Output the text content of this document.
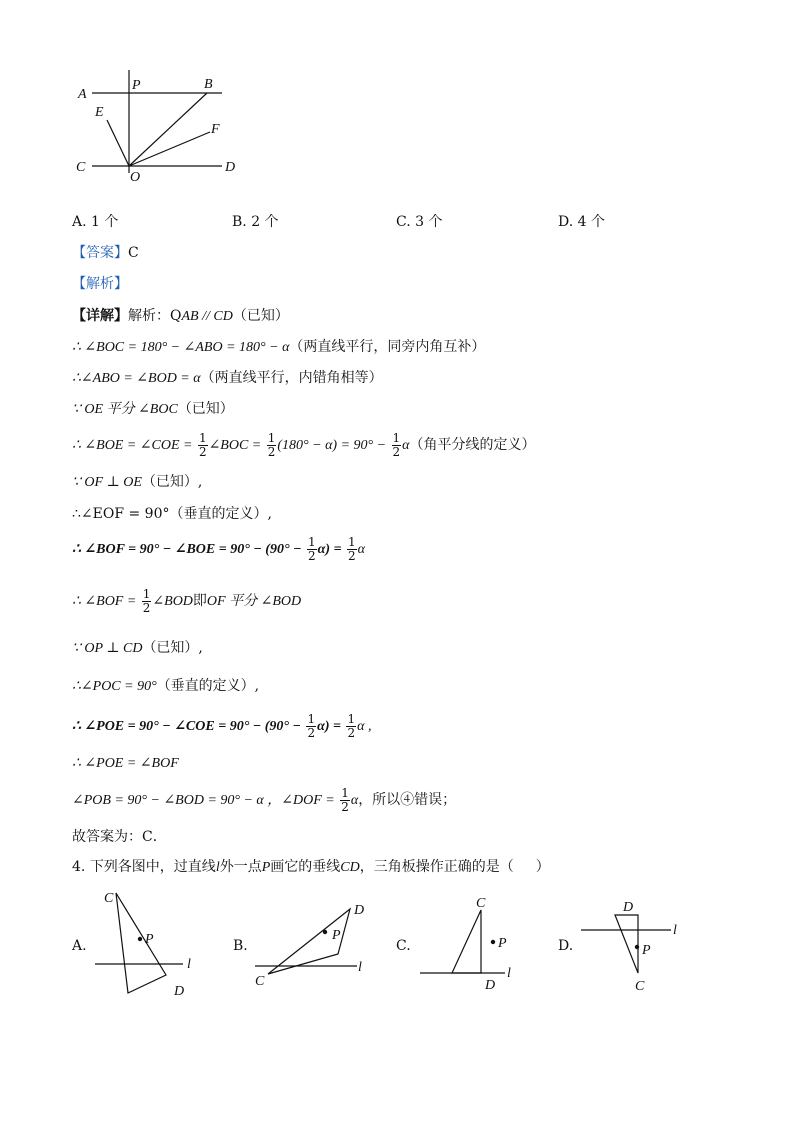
A
P	B
E
F
C
O
D
A. 1 个	B. 2 个	C. 3 个	D. 4 个
【答案】C
【解析】
【详解】解析：QAB // CD（已知）
∴ ∠BOC = 180° − ∠ABO = 180° − α（两直线平行，同旁内角互补）
∴∠ABO = ∠BOD = α（两直线平行，内错角相等）
∵ OE 平分 ∠BOC（已知）
∴ ∠BOE = ∠COE = $\frac{1}{2}$ ∠BOC = $\frac{1}{2} (180^\circ - \alpha) = 90^\circ - \frac{1}{2} \alpha$（角平分线的定义）
∵ OF ⊥ OE（已知）,
∴∠EOF = 90°（垂直的定义）,
∴ ∠BOF = 90° − ∠BOE = $90^\circ - (90^\circ - \frac{1}{2} \alpha) = \frac{1}{2}$ α
∴ ∠BOF = $\frac{1}{2}$ ∠BOD即OF 平分 ∠BOD
∵ OP ⊥ CD（已知）,
∴∠POC = 90°（垂直的定义）,
∴ ∠POE = 90° − ∠COE = $90^\circ - (90^\circ - \frac{1}{2} \alpha) = \frac{1}{2}$ α ,
∴ ∠POE = ∠BOF
∠POB = 90° − ∠BOD = 90° − α ，∠DOF = $\frac{1}{2}$ α，所以④错误；
故答案为：C．
4. 下列各图中，过直线l外一点P画它的垂线CD，三角板操作正确的是（ ）
A.
C
P
l
D
B.
D
P
l
C
C.
C
P
l
D
D.
D
l
P
C
